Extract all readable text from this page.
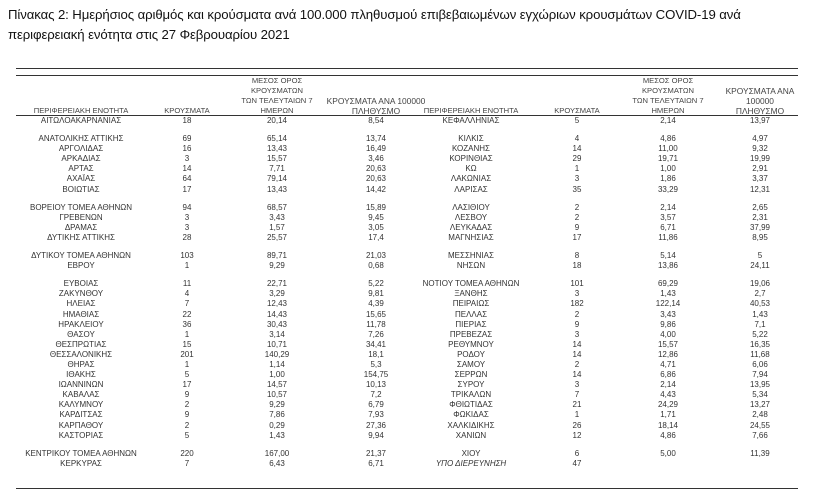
Πίνακας 2: Ημερήσιος αριθμός και κρούσματα ανά 100.000 πληθυσμού επιβεβαιωμένων εγχώριων κρουσμάτων COVID-19 ανά περιφερειακή ενότητα στις 27 Φεβρουαρίου 2021
ΠΕΡΙΦΕΡΕΙΑΚΗ ΕΝΟΤΗΤΑ	ΚΡΟΥΣΜΑΤΑ
ΜΕΣΟΣ ΟΡΟΣ ΚΡΟΥΣΜΑΤΩΝ
ΤΩΝ ΤΕΛΕΥΤΑΙΩΝ 7
ΗΜΕΡΩΝ
ΚΡΟΥΣΜΑΤΑ ΑΝΑ 100000
ΠΛΗΘΥΣΜΟ
ΑΙΤΩΛΟΑΚΑΡΝΑΝΙΑΣ	18	20,14	8,54
ΑΝΑΤΟΛΙΚΗΣ ΑΤΤΙΚΗΣ	69	65,14	13,74
ΑΡΓΟΛΙΔΑΣ	16	13,43	16,49
ΑΡΚΑΔΙΑΣ	3	15,57	3,46
ΑΡΤΑΣ	14	7,71	20,63
ΑΧΑΪΑΣ	64	79,14	20,63
ΒΟΙΩΤΙΑΣ	17	13,43	14,42
ΒΟΡΕΙΟΥ ΤΟΜΕΑ ΑΘΗΝΩΝ	94	68,57	15,89
ΓΡΕΒΕΝΩΝ	3	3,43	9,45
ΔΡΑΜΑΣ	3	1,57	3,05
ΔΥΤΙΚΗΣ ΑΤΤΙΚΗΣ	28	25,57	17,4
ΔΥΤΙΚΟΥ ΤΟΜΕΑ ΑΘΗΝΩΝ	103	89,71	21,03
ΕΒΡΟΥ	1	9,29	0,68
ΕΥΒΟΙΑΣ	11	22,71	5,22
ΖΑΚΥΝΘΟΥ	4	3,29	9,81
ΗΛΕΙΑΣ	7	12,43	4,39
ΗΜΑΘΙΑΣ	22	14,43	15,65
ΗΡΑΚΛΕΙΟΥ	36	30,43	11,78
ΘΑΣΟΥ	1	3,14	7,26
ΘΕΣΠΡΩΤΙΑΣ	15	10,71	34,41
ΘΕΣΣΑΛΟΝΙΚΗΣ	201	140,29	18,1
ΘΗΡΑΣ	1	1,14	5,3
ΙΘΑΚΗΣ	5	1,00	154,75
ΙΩΑΝΝΙΝΩΝ	17	14,57	10,13
ΚΑΒΑΛΑΣ	9	10,57	7,2
ΚΑΛΥΜΝΟΥ	2	9,29	6,79
ΚΑΡΔΙΤΣΑΣ	9	7,86	7,93
ΚΑΡΠΑΘΟΥ	2	0,29	27,36
ΚΑΣΤΟΡΙΑΣ	5	1,43	9,94
ΚΕΝΤΡΙΚΟΥ ΤΟΜΕΑ ΑΘΗΝΩΝ	220	167,00	21,37
ΚΕΡΚΥΡΑΣ	7	6,43	6,71
ΠΕΡΙΦΕΡΕΙΑΚΗ ΕΝΟΤΗΤΑ	ΚΡΟΥΣΜΑΤΑ
ΜΕΣΟΣ ΟΡΟΣ ΚΡΟΥΣΜΑΤΩΝ
ΤΩΝ ΤΕΛΕΥΤΑΙΩΝ 7
ΗΜΕΡΩΝ
ΚΡΟΥΣΜΑΤΑ ΑΝΑ 100000
ΠΛΗΘΥΣΜΟ
ΚΕΦΑΛΛΗΝΙΑΣ	5	2,14	13,97
ΚΙΛΚΙΣ	4	4,86	4,97
ΚΟΖΑΝΗΣ	14	11,00	9,32
ΚΟΡΙΝΘΙΑΣ	29	19,71	19,99
ΚΩ	1	1,00	2,91
ΛΑΚΩΝΙΑΣ	3	1,86	3,37
ΛΑΡΙΣΑΣ	35	33,29	12,31
ΛΑΣΙΘΙΟΥ	2	2,14	2,65
ΛΕΣΒΟΥ	2	3,57	2,31
ΛΕΥΚΑΔΑΣ	9	6,71	37,99
ΜΑΓΝΗΣΙΑΣ	17	11,86	8,95
ΜΕΣΣΗΝΙΑΣ	8	5,14	5
ΝΗΣΩΝ	18	13,86	24,11
ΝΟΤΙΟΥ ΤΟΜΕΑ ΑΘΗΝΩΝ	101	69,29	19,06
ΞΑΝΘΗΣ	3	1,43	2,7
ΠΕΙΡΑΙΩΣ	182	122,14	40,53
ΠΕΛΛΑΣ	2	3,43	1,43
ΠΙΕΡΙΑΣ	9	9,86	7,1
ΠΡΕΒΕΖΑΣ	3	4,00	5,22
ΡΕΘΥΜΝΟΥ	14	15,57	16,35
ΡΟΔΟΥ	14	12,86	11,68
ΣΑΜΟΥ	2	4,71	6,06
ΣΕΡΡΩΝ	14	6,86	7,94
ΣΥΡΟΥ	3	2,14	13,95
ΤΡΙΚΑΛΩΝ	7	4,43	5,34
ΦΘΙΩΤΙΔΑΣ	21	24,29	13,27
ΦΩΚΙΔΑΣ	1	1,71	2,48
ΧΑΛΚΙΔΙΚΗΣ	26	18,14	24,55
ΧΑΝΙΩΝ	12	4,86	7,66
ΧΙΟΥ	6	5,00	11,39
ΥΠΟ ΔΙΕΡΕΥΝΗΣΗ	47
